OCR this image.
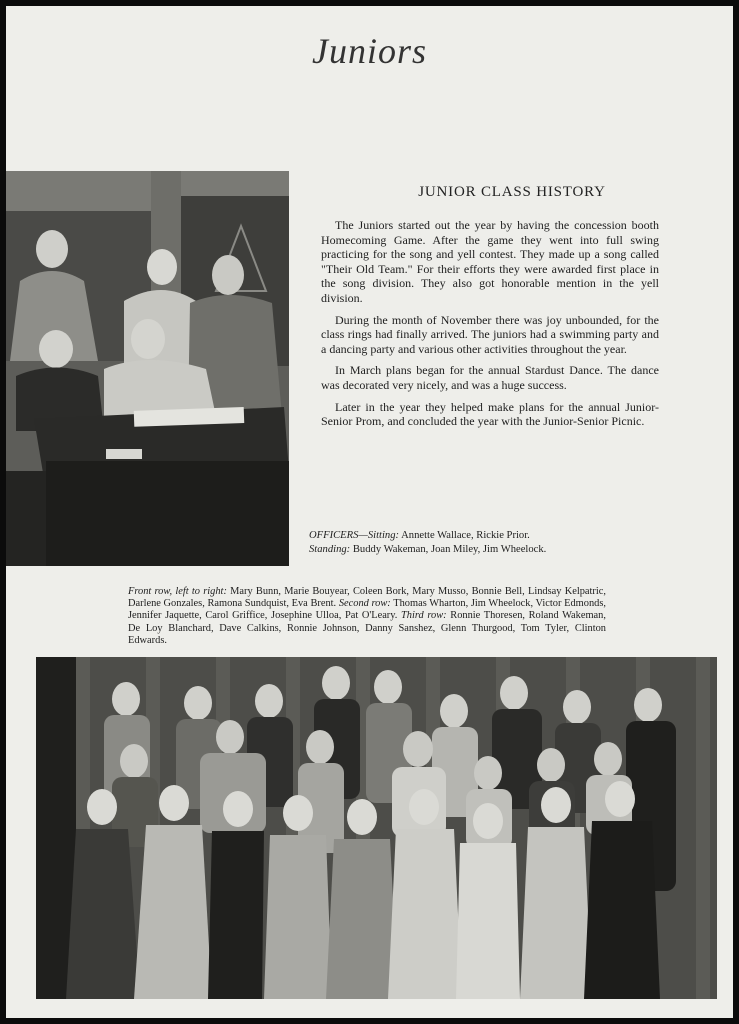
Juniors
JUNIOR CLASS HISTORY

The Juniors started out the year by having the concession booth Homecoming Game. After the game they went into full swing practicing for the song and yell contest. They made up a song called "Their Old Team." For their efforts they were awarded first place in the song division. They also got honorable mention in the yell division.

During the month of November there was joy unbounded, for the class rings had finally arrived. The juniors had a swimming party and a dancing party and various other activities throughout the year.

In March plans began for the annual Stardust Dance. The dance was decorated very nicely, and was a huge success.

Later in the year they helped make plans for the annual Junior-Senior Prom, and concluded the year with the Junior-Senior Picnic.

OFFICERS—Sitting: Annette Wallace, Rickie Prior.
Standing: Buddy Wakeman, Joan Miley, Jim Wheelock.
Front row, left to right: Mary Bunn, Marie Bouyear, Coleen Bork, Mary Musso, Bonnie Bell, Lindsay Kelpatric, Darlene Gonzales, Ramona Sundquist, Eva Brent. Second row: Thomas Wharton, Jim Wheelock, Victor Edmonds, Jennifer Jaquette, Carol Griffice, Josephine Ulloa, Pat O'Leary. Third row: Ronnie Thoresen, Roland Wakeman, De Loy Blanchard, Dave Calkins, Ronnie Johnson, Danny Sanshez, Glenn Thurgood, Tom Tyler, Clinton Edwards.
